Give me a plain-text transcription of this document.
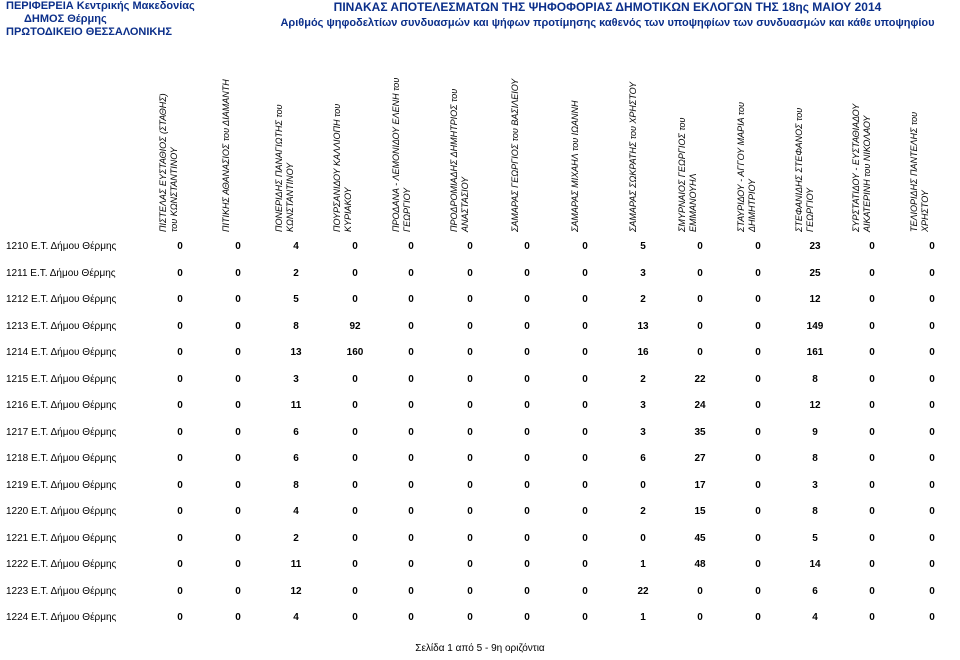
ΠΕΡΙΦΕΡΕΙΑ Κεντρικής Μακεδονίας
ΔΗΜΟΣ Θέρμης
ΠΡΩΤΟΔΙΚΕΙΟ ΘΕΣΣΑΛΟΝΙΚΗΣ
ΠΙΝΑΚΑΣ ΑΠΟΤΕΛΕΣΜΑΤΩΝ ΤΗΣ ΨΗΦΟΦΟΡΙΑΣ ΔΗΜΟΤΙΚΩΝ ΕΚΛΟΓΩΝ ΤΗΣ 18ης ΜΑΙΟΥ 2014
Αριθμός ψηφοδελτίων συνδυασμών και ψήφων προτίμησης καθενός των υποψηφίων των συνδυασμών και κάθε υποψηφίου
ΠΙΣΤΕΛΑΣ ΕΥΣΤΑΘΙΟΣ (ΣΤΑΘΗΣ) του ΚΩΝΣΤΑΝΤΙΝΟΥ	ΠΙΤΙΚΗΣ ΑΘΑΝΑΣΙΟΣ του ΔΙΑΜΑΝΤΗ	ΠΟΝΕΡΙΔΗΣ ΠΑΝΑΓΙΩΤΗΣ του ΚΩΝΣΤΑΝΤΙΝΟΥ	ΠΟΥΡΣΑΝΙΔΟΥ ΚΑΛΛΙΟΠΗ του ΚΥΡΙΑΚΟΥ	ΠΡΟΔΑΝΑ - ΛΕΜΟΝΙΔΟΥ ΕΛΕΝΗ του ΓΕΩΡΓΙΟΥ	ΠΡΟΔΡΟΜΙΑΔΗΣ ΔΗΜΗΤΡΙΟΣ του ΑΝΑΣΤΑΣΙΟΥ	ΣΑΜΑΡΑΣ ΓΕΩΡΓΙΟΣ του ΒΑΣΙΛΕΙΟΥ	ΣΑΜΑΡΑΣ ΜΙΧΑΗΛ του ΙΩΑΝΝΗ	ΣΑΜΑΡΑΣ ΣΩΚΡΑΤΗΣ του ΧΡΗΣΤΟΥ	ΣΜΥΡΝΑΙΟΣ ΓΕΩΡΓΙΟΣ του ΕΜΜΑΝΟΥΗΛ	ΣΤΑΥΡΙΔΟΥ - ΑΓΓΟΥ ΜΑΡΙΑ του ΔΗΜΗΤΡΙΟΥ	ΣΤΕΦΑΝΙΔΗΣ ΣΤΕΦΑΝΟΣ του ΓΕΩΡΓΙΟΥ	ΣΥΡΣΤΑΤΙΔΟΥ - ΕΥΣΤΑΘΙΑΔΟΥ ΑΙΚΑΤΕΡΙΝΗ του ΝΙΚΟΛΑΟΥ	ΤΕΛΙΟΡΙΔΗΣ ΠΑΝΤΕΛΗΣ του ΧΡΗΣΤΟΥ
1210 Ε.Τ. Δήμου Θέρμης	0	0	4	0	0	0	0	0	5	0	0	23	0	0
1211 Ε.Τ. Δήμου Θέρμης	0	0	2	0	0	0	0	0	3	0	0	25	0	0
1212 Ε.Τ. Δήμου Θέρμης	0	0	5	0	0	0	0	0	2	0	0	12	0	0
1213 Ε.Τ. Δήμου Θέρμης	0	0	8	92	0	0	0	0	13	0	0	149	0	0
1214 Ε.Τ. Δήμου Θέρμης	0	0	13	160	0	0	0	0	16	0	0	161	0	0
1215 Ε.Τ. Δήμου Θέρμης	0	0	3	0	0	0	0	0	2	22	0	8	0	0
1216 Ε.Τ. Δήμου Θέρμης	0	0	11	0	0	0	0	0	3	24	0	12	0	0
1217 Ε.Τ. Δήμου Θέρμης	0	0	6	0	0	0	0	0	3	35	0	9	0	0
1218 Ε.Τ. Δήμου Θέρμης	0	0	6	0	0	0	0	0	6	27	0	8	0	0
1219 Ε.Τ. Δήμου Θέρμης	0	0	8	0	0	0	0	0	0	17	0	3	0	0
1220 Ε.Τ. Δήμου Θέρμης	0	0	4	0	0	0	0	0	2	15	0	8	0	0
1221 Ε.Τ. Δήμου Θέρμης	0	0	2	0	0	0	0	0	0	45	0	5	0	0
1222 Ε.Τ. Δήμου Θέρμης	0	0	11	0	0	0	0	0	1	48	0	14	0	0
1223 Ε.Τ. Δήμου Θέρμης	0	0	12	0	0	0	0	0	22	0	0	6	0	0
1224 Ε.Τ. Δήμου Θέρμης	0	0	4	0	0	0	0	0	1	0	0	4	0	0
Σελίδα 1 από 5 - 9η οριζόντια
